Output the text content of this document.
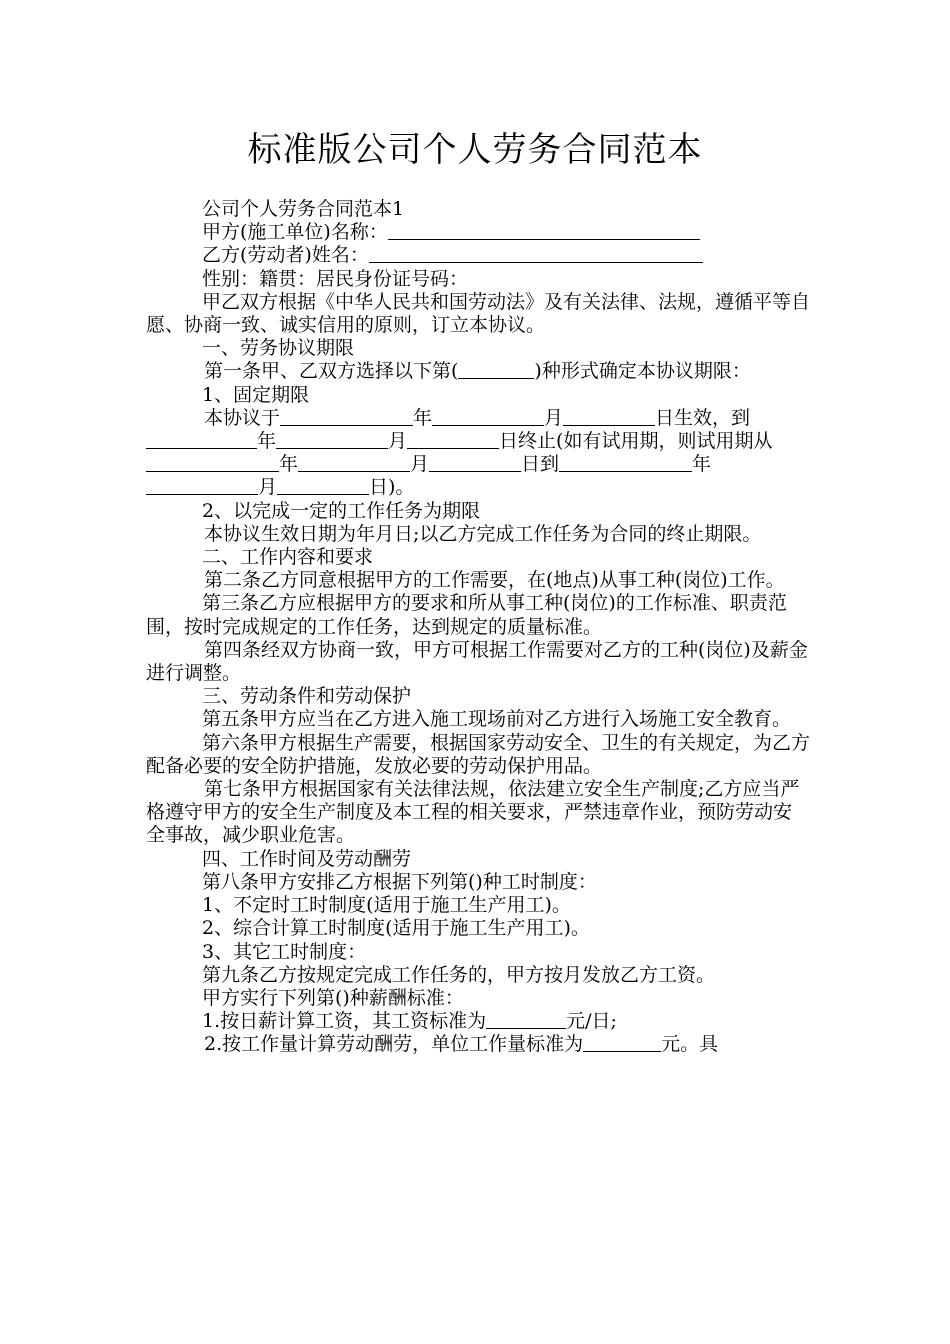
标准版公司个人劳务合同范本

公司个人劳务合同范本1

甲方(施工单位)名称：

乙方(劳动者)姓名：

性别：籍贯：居民身份证号码：

甲乙双方根据《中华人民共和国劳动法》及有关法律、法规，遵循平等自愿、协商一致、诚实信用的原则，订立本协议。

一、劳务协议期限

第一条甲、乙双方选择以下第(	)种形式确定本协议期限：

1、固定期限

本协议于	年	月	日生效，到年	月	日终止(如有试用期，则试用期从年	月	日到	年月	日)。

2、以完成一定的工作任务为期限

本协议生效日期为年月日;以乙方完成工作任务为合同的终止期限。

二、工作内容和要求

第二条乙方同意根据甲方的工作需要，在(地点)从事工种(岗位)工作。

第三条乙方应根据甲方的要求和所从事工种(岗位)的工作标准、职责范围，按时完成规定的工作任务，达到规定的质量标准。

第四条经双方协商一致，甲方可根据工作需要对乙方的工种(岗位)及薪金进行调整。

三、劳动条件和劳动保护

第五条甲方应当在乙方进入施工现场前对乙方进行入场施工安全教育。

第六条甲方根据生产需要，根据国家劳动安全、卫生的有关规定，为乙方配备必要的安全防护措施，发放必要的劳动保护用品。

第七条甲方根据国家有关法律法规，依法建立安全生产制度;乙方应当严格遵守甲方的安全生产制度及本工程的相关要求，严禁违章作业，预防劳动安全事故，减少职业危害。

四、工作时间及劳动酬劳

第八条甲方安排乙方根据下列第()种工时制度：

1、不定时工时制度(适用于施工生产用工)。

2、综合计算工时制度(适用于施工生产用工)。

3、其它工时制度：

第九条乙方按规定完成工作任务的，甲方按月发放乙方工资。

甲方实行下列第()种薪酬标准：

1.按日薪计算工资，其工资标准为	元/日;

2.按工作量计算劳动酬劳，单位工作量标准为	元。具
